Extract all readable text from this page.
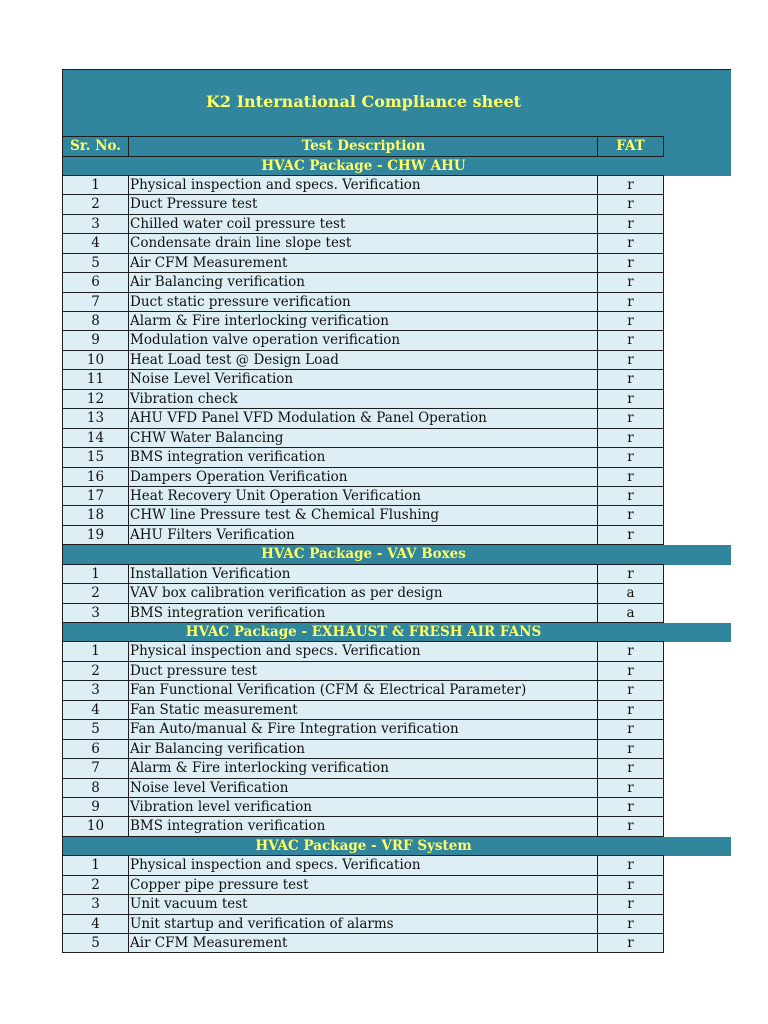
K2 International Compliance sheet
Sr. No.	Test Description	FAT
HVAC Package - CHW AHU
1	Physical inspection and specs. Verification	r
2	Duct Pressure test	r
3	Chilled water coil pressure test	r
4	Condensate drain line slope test	r
5	Air CFM Measurement	r
6	Air Balancing verification	r
7	Duct static pressure verification	r
8	Alarm & Fire interlocking verification	r
9	Modulation valve operation verification	r
10	Heat Load test @ Design Load	r
11	Noise Level Verification	r
12	Vibration check	r
13	AHU VFD Panel VFD Modulation & Panel Operation	r
14	CHW Water Balancing	r
15	BMS integration verification	r
16	Dampers Operation Verification	r
17	Heat Recovery Unit Operation Verification	r
18	CHW line Pressure test & Chemical Flushing	r
19	AHU Filters Verification	r
HVAC Package - VAV Boxes
1	Installation Verification	r
2	VAV box calibration verification as per design	a
3	BMS integration verification	a
HVAC Package - EXHAUST & FRESH AIR FANS
1	Physical inspection and specs. Verification	r
2	Duct pressure test	r
3	Fan Functional Verification (CFM & Electrical Parameter)	r
4	Fan Static measurement	r
5	Fan Auto/manual & Fire Integration verification	r
6	Air Balancing verification	r
7	Alarm & Fire interlocking verification	r
8	Noise level Verification	r
9	Vibration level verification	r
10	BMS integration verification	r
HVAC Package - VRF System
1	Physical inspection and specs. Verification	r
2	Copper pipe pressure test	r
3	Unit vacuum test	r
4	Unit startup and verification of alarms	r
5	Air CFM Measurement	r
